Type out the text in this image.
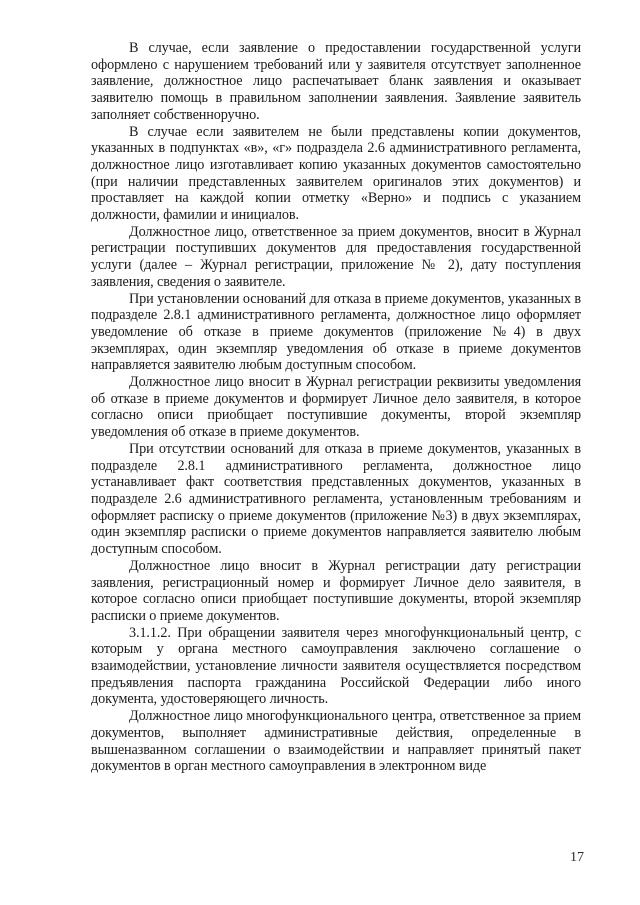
В случае, если заявление о предоставлении государственной услуги оформлено с нарушением требований или у заявителя отсутствует заполненное заявление, должностное лицо распечатывает бланк заявления и оказывает заявителю помощь в правильном заполнении заявления. Заявление заявитель заполняет собственноручно.

В случае если заявителем не были представлены копии документов, указанных в подпунктах «в», «г» подраздела 2.6 административного регламента, должностное лицо изготавливает копию указанных документов самостоятельно (при наличии представленных заявителем оригиналов этих документов) и проставляет на каждой копии отметку «Верно» и подпись с указанием должности, фамилии и инициалов.

Должностное лицо, ответственное за прием документов, вносит в Журнал регистрации поступивших документов для предоставления государственной услуги (далее – Журнал регистрации, приложение № 2), дату поступления заявления, сведения о заявителе.

При установлении оснований для отказа в приеме документов, указанных в подразделе 2.8.1 административного регламента, должностное лицо оформляет уведомление об отказе в приеме документов (приложение №4) в двух экземплярах, один экземпляр уведомления об отказе в приеме документов направляется заявителю любым доступным способом.

Должностное лицо вносит в Журнал регистрации реквизиты уведомления об отказе в приеме документов и формирует Личное дело заявителя, в которое согласно описи приобщает поступившие документы, второй экземпляр уведомления об отказе в приеме документов.

При отсутствии оснований для отказа в приеме документов, указанных в подразделе 2.8.1 административного регламента, должностное лицо устанавливает факт соответствия представленных документов, указанных в подразделе 2.6 административного регламента, установленным требованиям и оформляет расписку о приеме документов (приложение №3) в двух экземплярах, один экземпляр расписки о приеме документов направляется заявителю любым доступным способом.

Должностное лицо вносит в Журнал регистрации дату регистрации заявления, регистрационный номер и формирует Личное дело заявителя, в которое согласно описи приобщает поступившие документы, второй экземпляр расписки о приеме документов.

3.1.1.2. При обращении заявителя через многофункциональный центр, с которым у органа местного самоуправления заключено соглашение о взаимодействии, установление личности заявителя осуществляется посредством предъявления паспорта гражданина Российской Федерации либо иного документа, удостоверяющего личность.

Должностное лицо многофункционального центра, ответственное за прием документов, выполняет административные действия, определенные в вышеназванном соглашении о взаимодействии и направляет принятый пакет документов в орган местного самоуправления в электронном виде

17
